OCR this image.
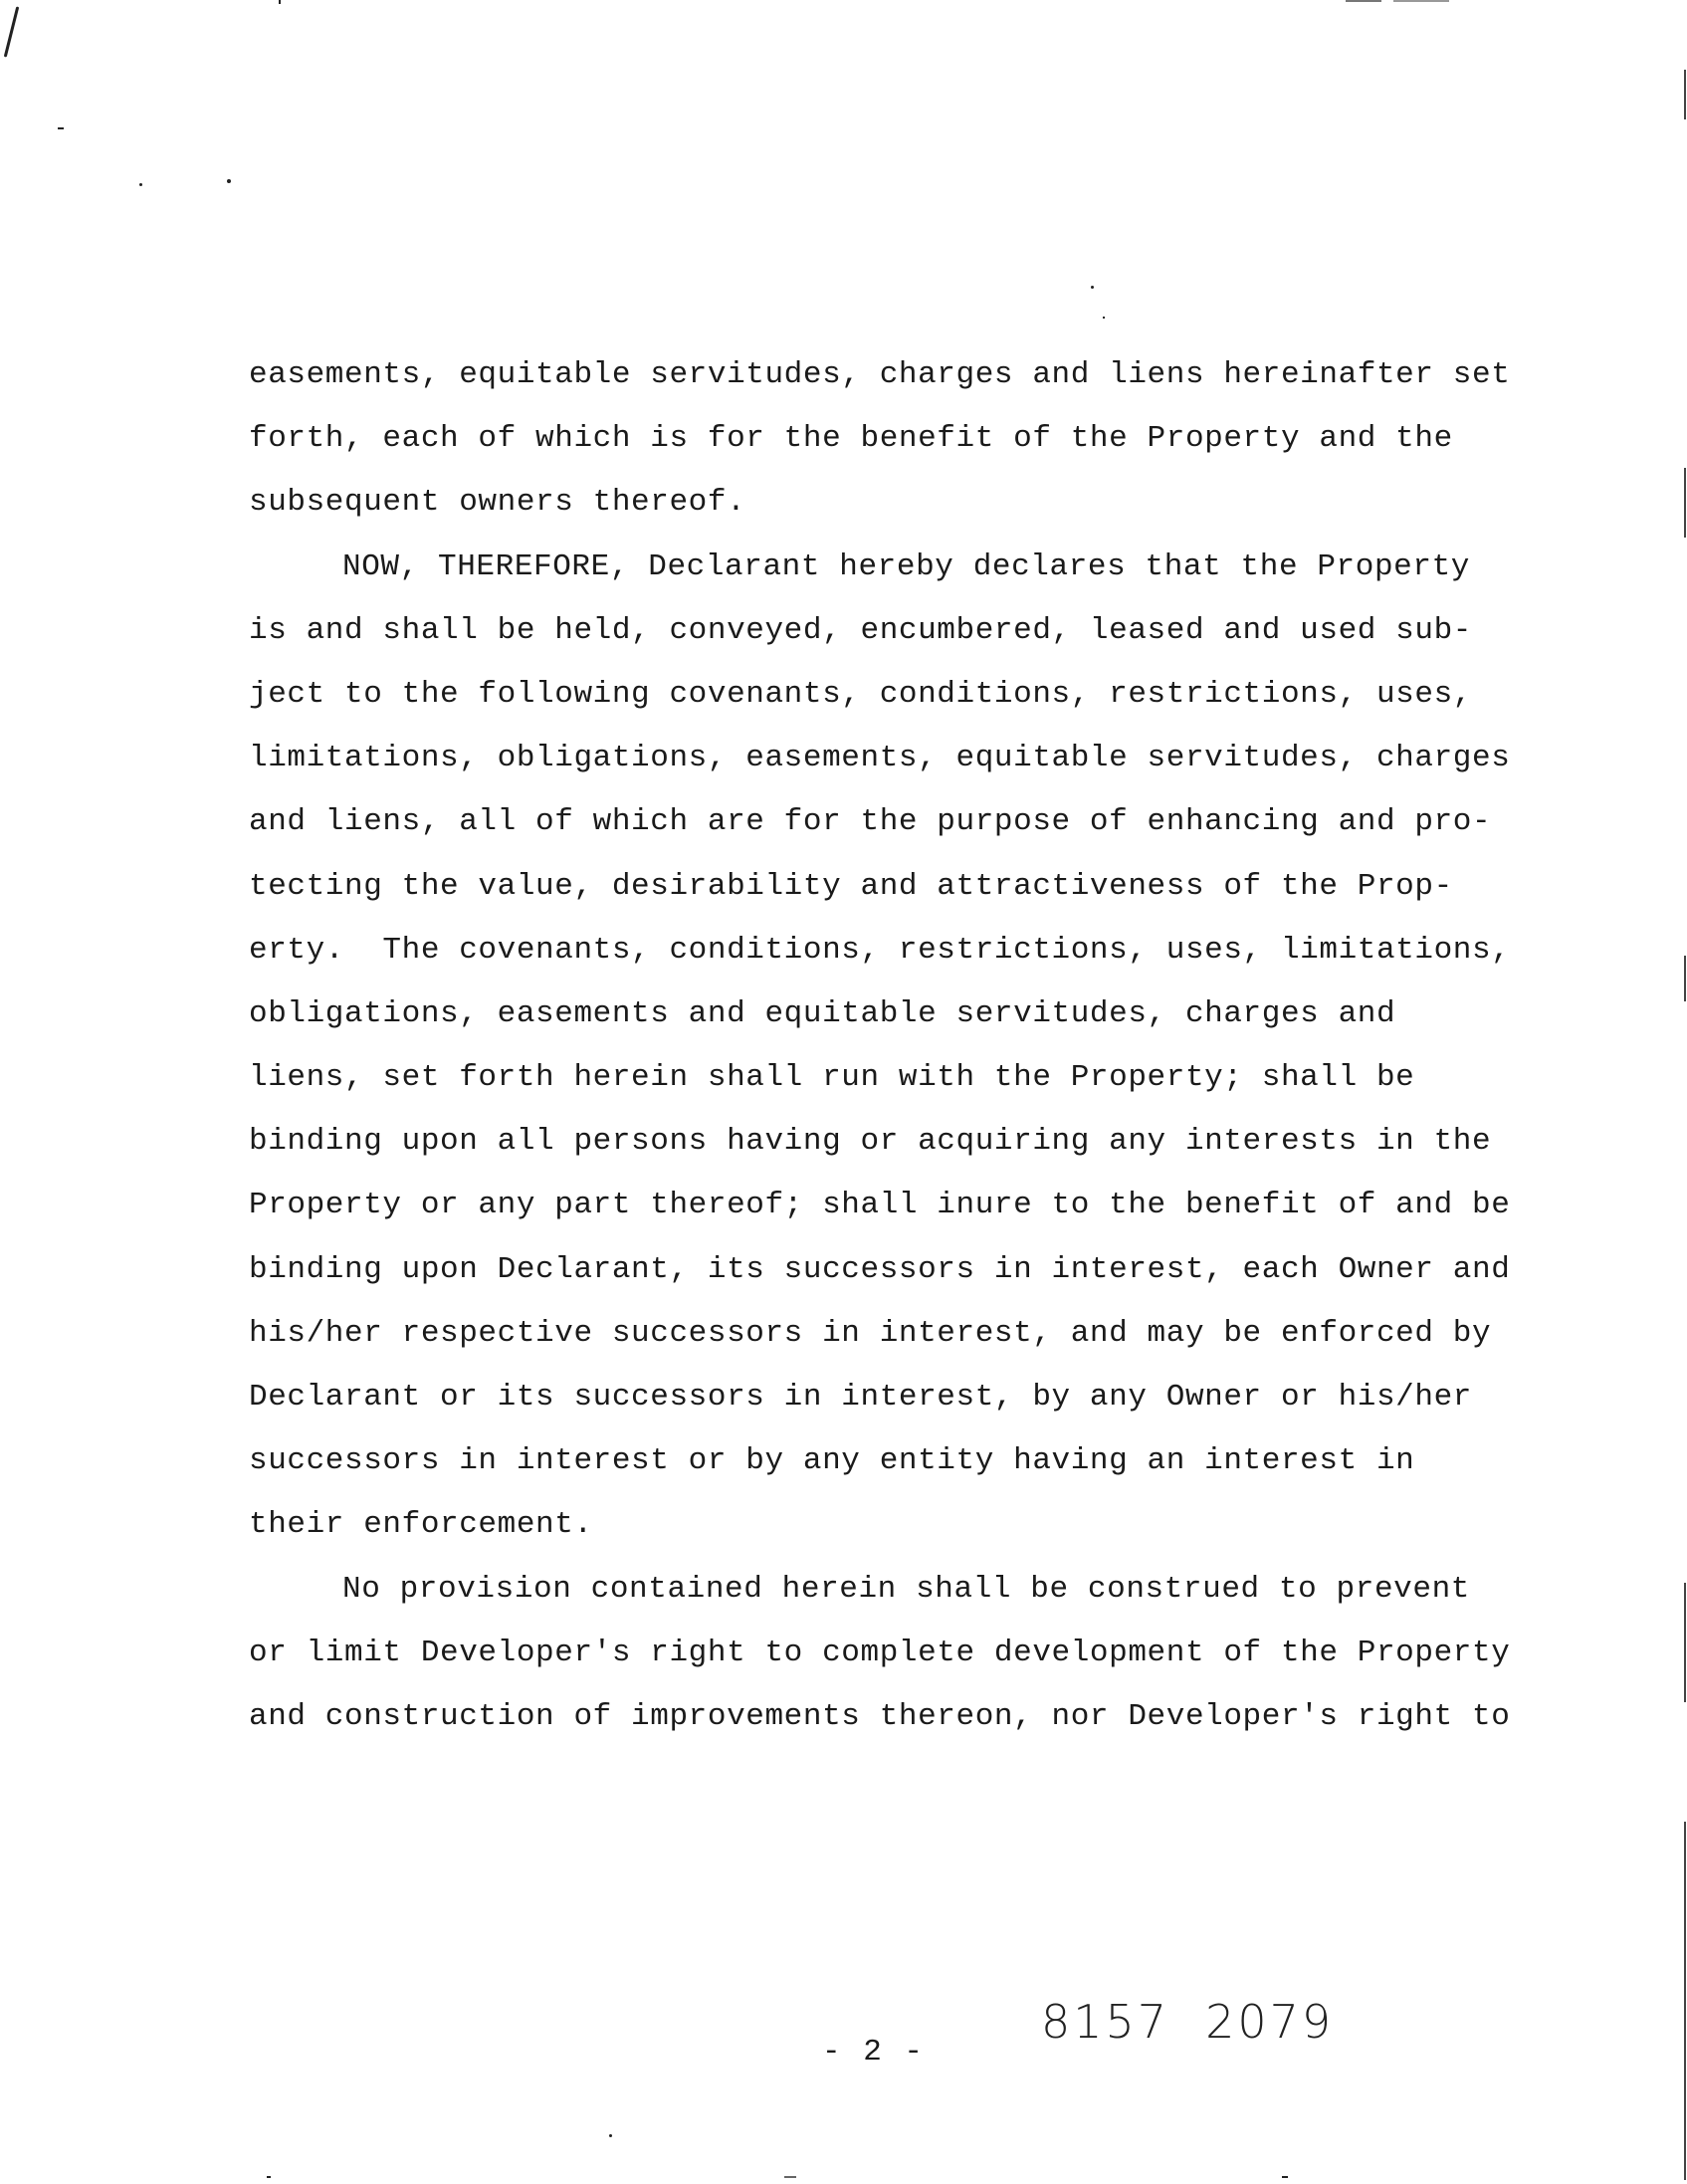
easements, equitable servitudes, charges and liens hereinafter set
forth, each of which is for the benefit of the Property and the
subsequent owners thereof.
NOW, THEREFORE, Declarant hereby declares that the Property
is and shall be held, conveyed, encumbered, leased and used sub-
ject to the following covenants, conditions, restrictions, uses,
limitations, obligations, easements, equitable servitudes, charges
and liens, all of which are for the purpose of enhancing and pro-
tecting the value, desirability and attractiveness of the Prop-
erty.  The covenants, conditions, restrictions, uses, limitations,
obligations, easements and equitable servitudes, charges and
liens, set forth herein shall run with the Property; shall be
binding upon all persons having or acquiring any interests in the
Property or any part thereof; shall inure to the benefit of and be
binding upon Declarant, its successors in interest, each Owner and
his/her respective successors in interest, and may be enforced by
Declarant or its successors in interest, by any Owner or his/her
successors in interest or by any entity having an interest in
their enforcement.
No provision contained herein shall be construed to prevent
or limit Developer's right to complete development of the Property
and construction of improvements thereon, nor Developer's right to
- 2 -
8157 2079
